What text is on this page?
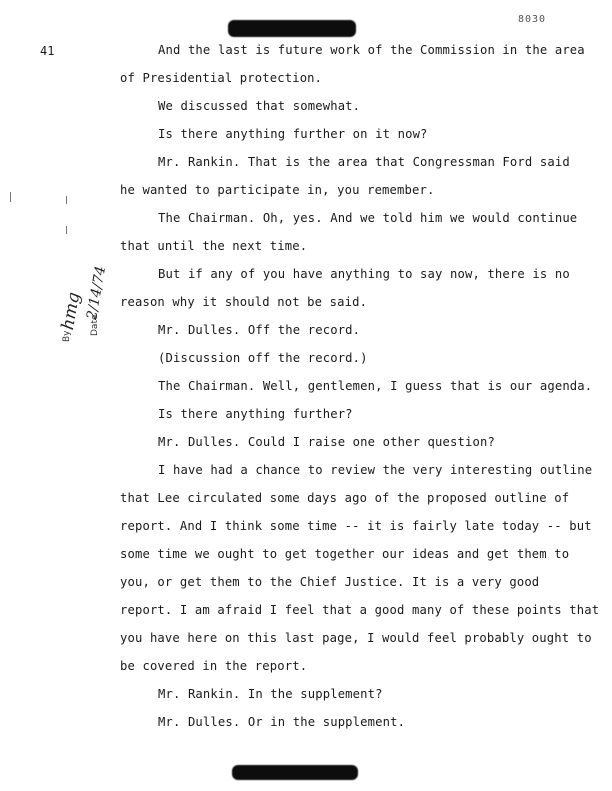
8030
41
By
hmg Date
2/14/74
And the last is future work of the Commission in the area
of Presidential protection.
We discussed that somewhat.
Is there anything further on it now?
Mr. Rankin. That is the area that Congressman Ford said
he wanted to participate in, you remember.
The Chairman. Oh, yes. And we told him we would continue
that until the next time.
But if any of you have anything to say now, there is no
reason why it should not be said.
Mr. Dulles. Off the record.
(Discussion off the record.)
The Chairman. Well, gentlemen, I guess that is our agenda.
Is there anything further?
Mr. Dulles. Could I raise one other question?
I have had a chance to review the very interesting outline
that Lee circulated some days ago of the proposed outline of
report. And I think some time -- it is fairly late today -- but
some time we ought to get together our ideas and get them to
you, or get them to the Chief Justice. It is a very good
report. I am afraid I feel that a good many of these points that
you have here on this last page, I would feel probably ought to
be covered in the report.
Mr. Rankin. In the supplement?
Mr. Dulles. Or in the supplement.
